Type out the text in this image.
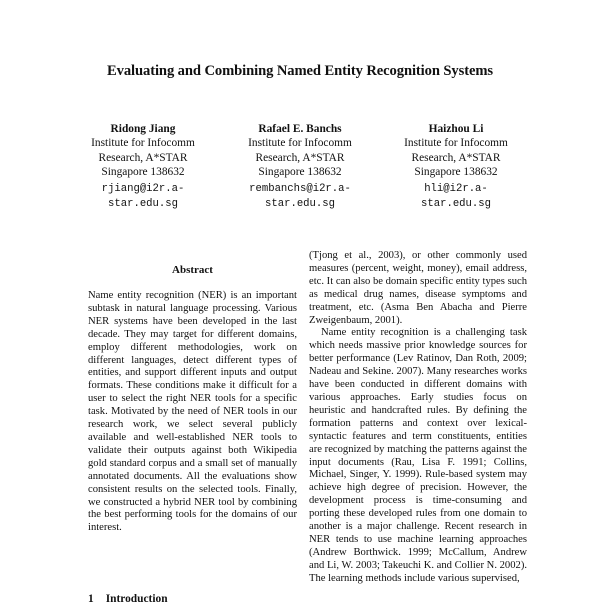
Evaluating and Combining Named Entity Recognition Systems
Ridong Jiang
Institute for Infocomm
Research, A*STAR
Singapore 138632
rjiang@i2r.a-
star.edu.sg
Rafael E. Banchs
Institute for Infocomm
Research, A*STAR
Singapore 138632
rembanchs@i2r.a-
star.edu.sg
Haizhou Li
Institute for Infocomm
Research, A*STAR
Singapore 138632
hli@i2r.a-
star.edu.sg
Abstract
Name entity recognition (NER) is an important subtask in natural language processing. Various NER systems have been developed in the last decade. They may target for different domains, employ different methodologies, work on different languages, detect different types of entities, and support different inputs and output formats. These conditions make it difficult for a user to select the right NER tools for a specific task. Motivated by the need of NER tools in our research work, we select several publicly available and well-established NER tools to validate their outputs against both Wikipedia gold standard corpus and a small set of manually annotated documents. All the evaluations show consistent results on the selected tools. Finally, we constructed a hybrid NER tool by combining the best performing tools for the domains of our interest.

(Tjong et al., 2003), or other commonly used measures (percent, weight, money), email address, etc. It can also be domain specific entity types such as medical drug names, disease symptoms and treatment, etc. (Asma Ben Abacha and Pierre Zweigenbaum, 2001).

Name entity recognition is a challenging task which needs massive prior knowledge sources for better performance (Lev Ratinov, Dan Roth, 2009; Nadeau and Sekine. 2007). Many researches works have been conducted in different domains with various approaches. Early studies focus on heuristic and handcrafted rules. By defining the formation patterns and context over lexical-syntactic features and term constituents, entities are recognized by matching the patterns against the input documents (Rau, Lisa F. 1991; Collins, Michael, Singer, Y. 1999). Rule-based system may achieve high degree of precision. However, the development process is time-consuming and porting these developed rules from one domain to another is a major challenge. Recent research in NER tends to use machine learning approaches (Andrew Borthwick. 1999; McCallum, Andrew and Li, W. 2003; Takeuchi K. and Collier N. 2002). The learning methods include various supervised,

1 Introduction
